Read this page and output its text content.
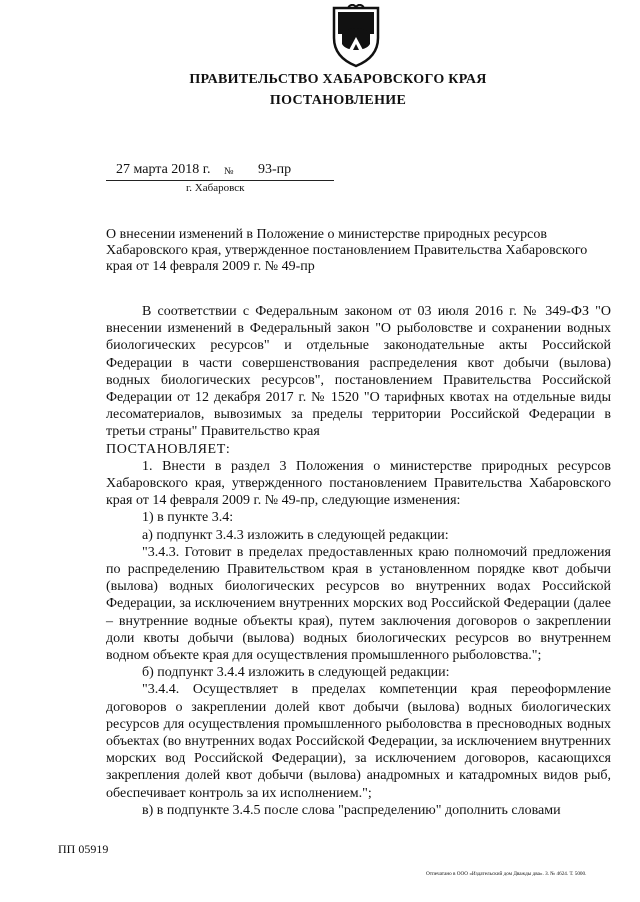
ПРАВИТЕЛЬСТВО ХАБАРОВСКОГО КРАЯ
ПОСТАНОВЛЕНИЕ
27 марта 2018 г. № 93-пр
г. Хабаровск

О внесении изменений в Положение о министерстве природных ресурсов Хабаровского края, утвержденное постановлением Правительства Хабаровского края от 14 февраля 2009 г. № 49-пр

В соответствии с Федеральным законом от 03 июля 2016 г. № 349-ФЗ "О внесении изменений в Федеральный закон "О рыболовстве и сохранении водных биологических ресурсов" и отдельные законодательные акты Российской Федерации в части совершенствования распределения квот добычи (вылова) водных биологических ресурсов", постановлением Правительства Российской Федерации от 12 декабря 2017 г. № 1520 "О тарифных квотах на отдельные виды лесоматериалов, вывозимых за пределы территории Российской Федерации в третьи страны" Правительство края

ПОСТАНОВЛЯЕТ:

1. Внести в раздел 3 Положения о министерстве природных ресурсов Хабаровского края, утвержденного постановлением Правительства Хабаровского края от 14 февраля 2009 г. № 49-пр, следующие изменения:

1) в пункте 3.4:

а) подпункт 3.4.3 изложить в следующей редакции:

"3.4.3. Готовит в пределах предоставленных краю полномочий предложения по распределению Правительством края в установленном порядке квот добычи (вылова) водных биологических ресурсов во внутренних водах Российской Федерации, за исключением внутренних морских вод Российской Федерации (далее – внутренние водные объекты края), путем заключения договоров о закреплении доли квоты добычи (вылова) водных биологических ресурсов во внутреннем водном объекте края для осуществления промышленного рыболовства.";

б) подпункт 3.4.4 изложить в следующей редакции:

"3.4.4. Осуществляет в пределах компетенции края переоформление договоров о закреплении долей квот добычи (вылова) водных биологических ресурсов для осуществления промышленного рыболовства в пресноводных водных объектах (во внутренних водах Российской Федерации, за исключением внутренних морских вод Российской Федерации), за исключением договоров, касающихся закрепления долей квот добычи (вылова) анадромных и катадромных видов рыб, обеспечивает контроль за их исполнением.";

в) в подпункте 3.4.5 после слова "распределению" дополнить словами

ПП 05919
Отпечатано в ООО «Издательский дом Дважды два». З. № 4624. Т. 5000.
